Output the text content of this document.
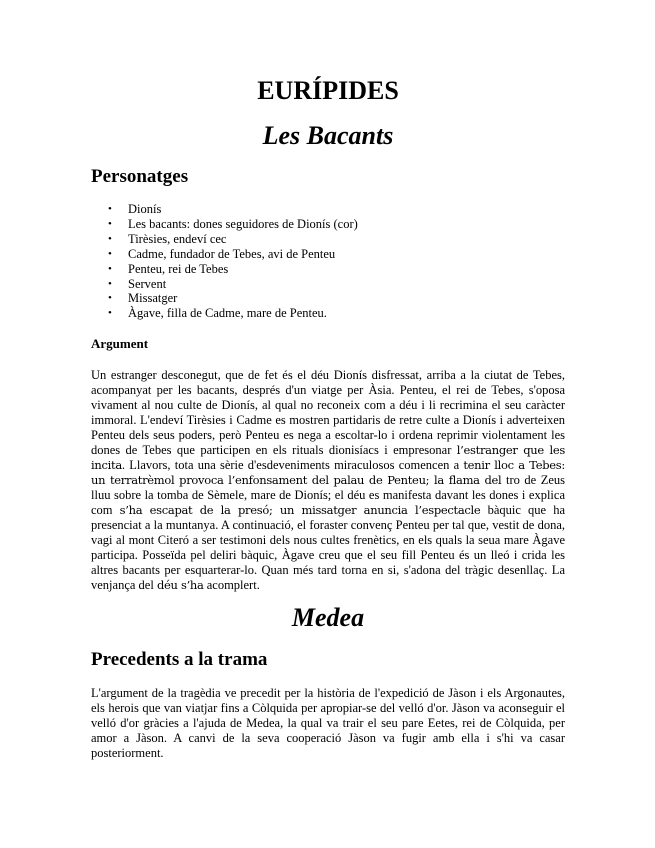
EURÍPIDES
Les Bacants
Personatges
• Dionís
• Les bacants: dones seguidores de Dionís (cor)
• Tirèsies, endeví cec
• Cadme, fundador de Tebes, avi de Penteu
• Penteu, rei de Tebes
• Servent
• Missatger
• Àgave, filla de Cadme, mare de Penteu.
Argument

Un estranger desconegut, que de fet és el déu Dionís disfressat, arriba a la ciutat de Tebes, acompanyat per les bacants, després d'un viatge per Àsia. Penteu, el rei de Tebes, s'oposa vivament al nou culte de Dionís, al qual no reconeix com a déu i li recrimina el seu caràcter immoral. L'endeví Tirèsies i Cadme es mostren partidaris de retre culte a Dionís i adverteixen Penteu dels seus poders, però Penteu es nega a escoltar-lo i ordena reprimir violentament les dones de Tebes que participen en els rituals dionisíacs i empresonar l’estranger que les incita. Llavors, tota una sèrie d'esdeveniments miraculosos comencen a tenir lloc a Tebes: un terratrèmol provoca l’enfonsament del palau de Penteu; la flama del tro de Zeus lluu sobre la tomba de Sèmele, mare de Dionís; el déu es manifesta davant les dones i explica com s’ha escapat de la presó; un missatger anuncia l’espectacle bàquic que ha presenciat a la muntanya. A continuació, el foraster convenç Penteu per tal que, vestit de dona, vagi al mont Citeró a ser testimoni dels nous cultes frenètics, en els quals la seua mare Àgave participa. Posseïda pel deliri bàquic, Àgave creu que el seu fill Penteu és un lleó i crida les altres bacants per esquarterar-lo. Quan més tard torna en si, s'adona del tràgic desenllaç. La venjança del déu s’ha acomplert.

Medea
Precedents a la trama

L'argument de la tragèdia ve precedit per la història de l'expedició de Jàson i els Argonautes, els herois que van viatjar fins a Còlquida per apropiar-se del velló d'or. Jàson va aconseguir el velló d'or gràcies a l'ajuda de Medea, la qual va trair el seu pare Eetes, rei de Còlquida, per amor a Jàson. A canvi de la seva cooperació Jàson va fugir amb ella i s'hi va casar posteriorment.
